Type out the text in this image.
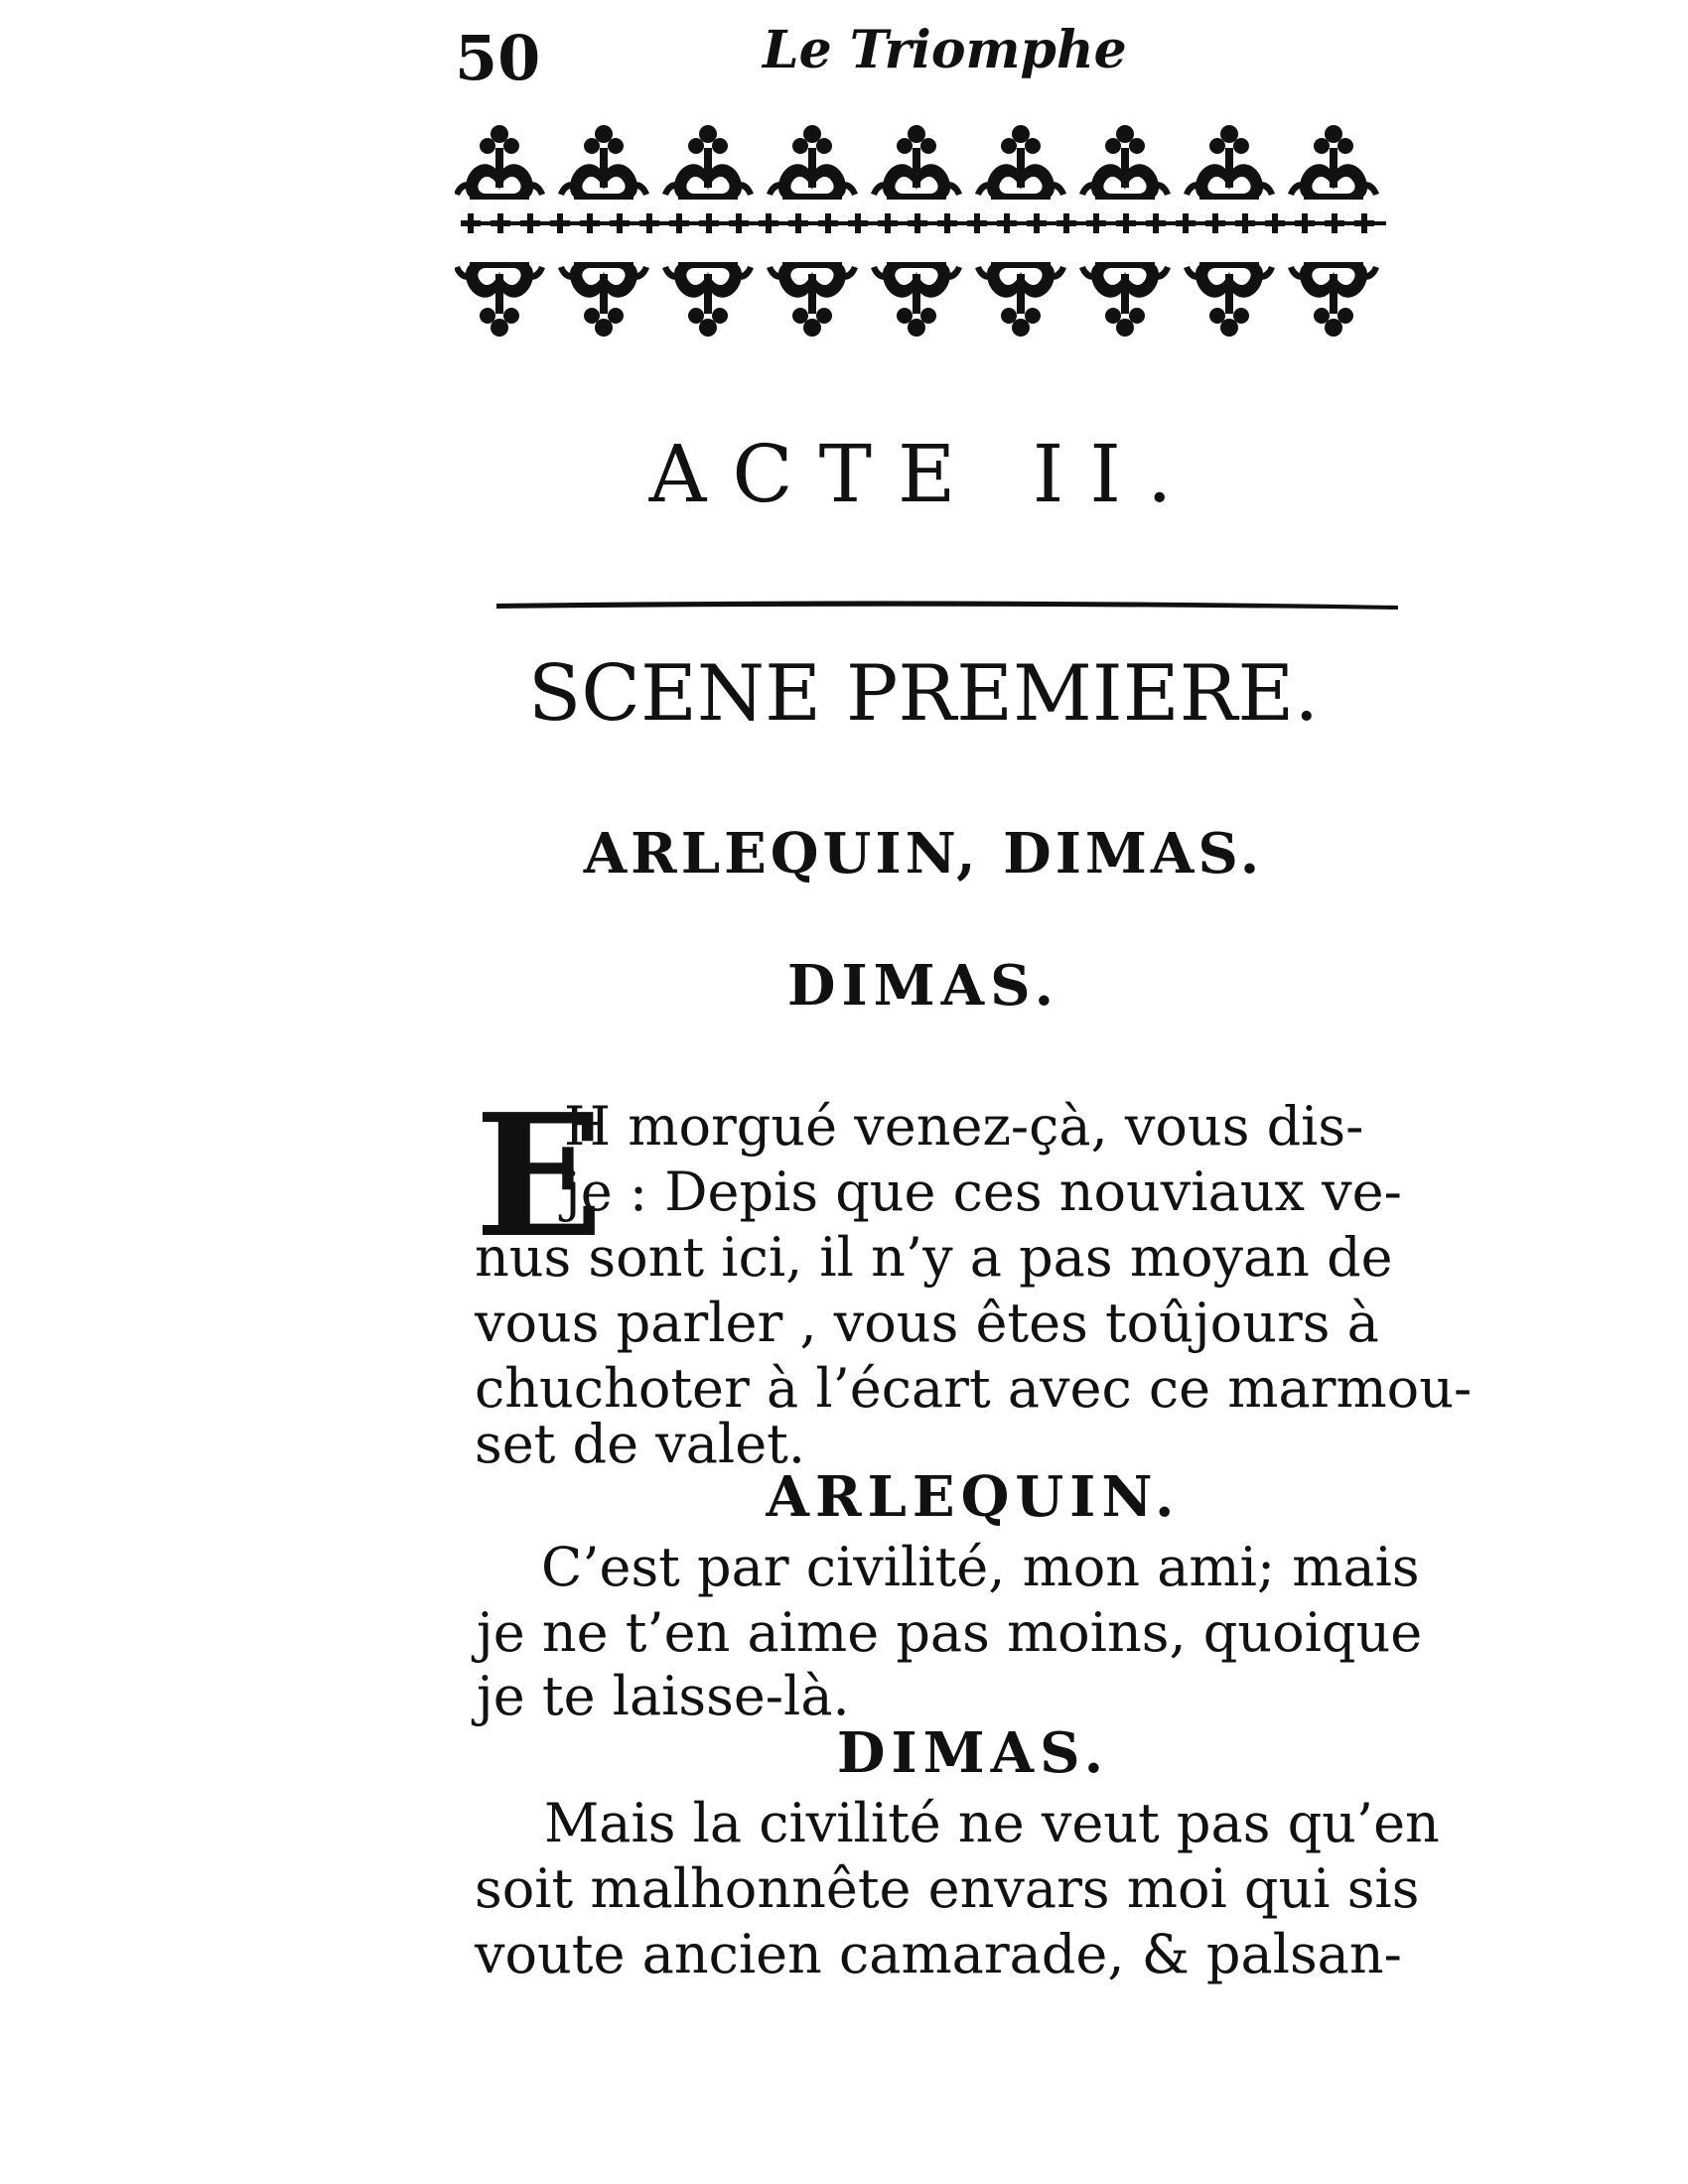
50	Le Triomphe
ACTE II.
SCENE PREMIERE.
ARLEQUIN, DIMAS.
DIMAS.
E
H morgué venez-çà, vous dis-
je : Depis que ces nouviaux ve-
nus sont ici, il n’y a pas moyan de
vous parler , vous êtes toûjours à
chuchoter à l’écart avec ce marmou-
set de valet.
ARLEQUIN.
C’est par civilité, mon ami; mais
je ne t’en aime pas moins, quoique
je te laisse-là.
DIMAS.
Mais la civilité ne veut pas qu’en
soit malhonnête envars moi qui sis
voute ancien camarade, & palsan-
